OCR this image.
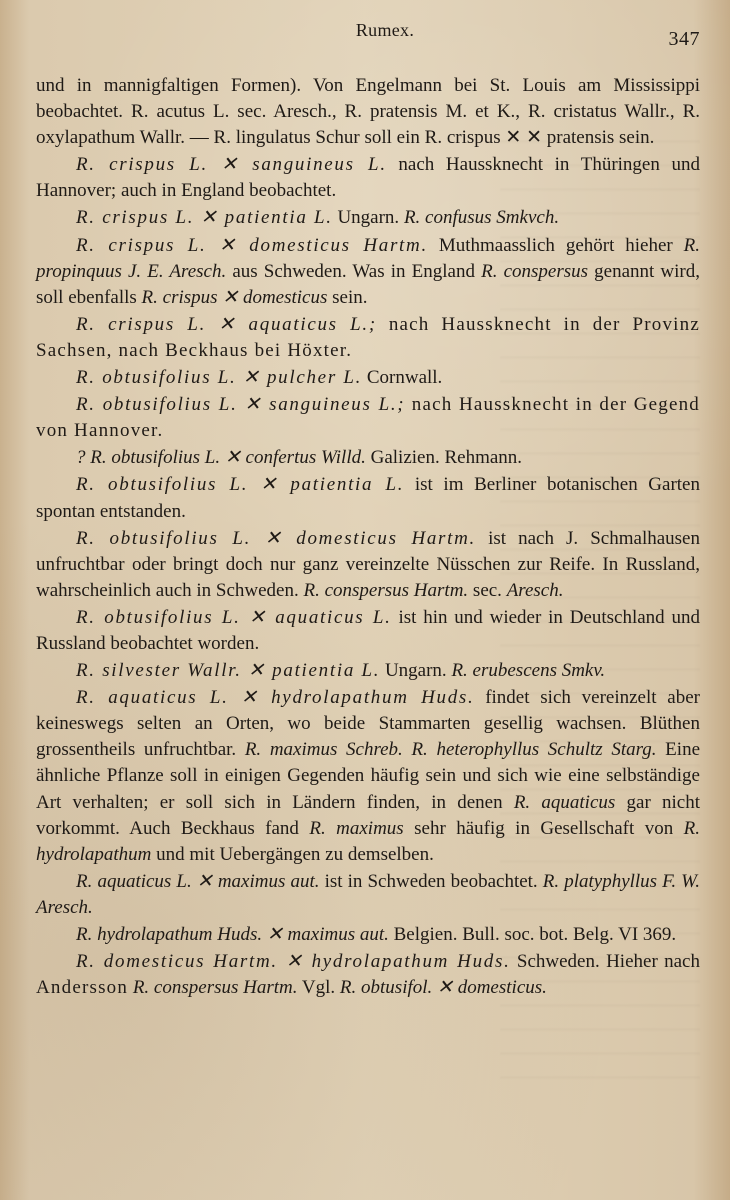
Rumex.	347

und in mannigfaltigen Formen). Von Engelmann bei St. Louis am Mississippi beobachtet. R. acutus L. sec. Aresch., R. pratensis M. et K., R. cristatus Wallr., R. oxylapathum Wallr. — R. lingulatus Schur soll ein R. crispus ✕ ✕ pratensis sein.

R. crispus L. ✕ sanguineus L. nach Haussknecht in Thüringen und Hannover; auch in England beobachtet.

R. crispus L. ✕ patientia L. Ungarn. R. confusus Smkvch.

R. crispus L. ✕ domesticus Hartm. Muthmaasslich gehört hieher R. propinquus J. E. Aresch. aus Schweden. Was in England R. conspersus genannt wird, soll ebenfalls R. crispus ✕ domesticus sein.

R. crispus L. ✕ aquaticus L.; nach Haussknecht in der Provinz Sachsen, nach Beckhaus bei Höxter.

R. obtusifolius L. ✕ pulcher L. Cornwall.

R. obtusifolius L. ✕ sanguineus L.; nach Haussknecht in der Gegend von Hannover.

? R. obtusifolius L. ✕ confertus Willd. Galizien. Rehmann.

R. obtusifolius L. ✕ patientia L. ist im Berliner botanischen Garten spontan entstanden.

R. obtusifolius L. ✕ domesticus Hartm. ist nach J. Schmalhausen unfruchtbar oder bringt doch nur ganz vereinzelte Nüsschen zur Reife. In Russland, wahrscheinlich auch in Schweden. R. conspersus Hartm. sec. Aresch.

R. obtusifolius L. ✕ aquaticus L. ist hin und wieder in Deutschland und Russland beobachtet worden.

R. silvester Wallr. ✕ patientia L. Ungarn. R. erubescens Smkv.

R. aquaticus L. ✕ hydrolapathum Huds. findet sich vereinzelt aber keineswegs selten an Orten, wo beide Stammarten gesellig wachsen. Blüthen grossentheils unfruchtbar. R. maximus Schreb. R. heterophyllus Schultz Starg. Eine ähnliche Pflanze soll in einigen Gegenden häufig sein und sich wie eine selbständige Art verhalten; er soll sich in Ländern finden, in denen R. aquaticus gar nicht vorkommt. Auch Beckhaus fand R. maximus sehr häufig in Gesellschaft von R. hydrolapathum und mit Uebergängen zu demselben.

R. aquaticus L. ✕ maximus aut. ist in Schweden beobachtet. R. platyphyllus F. W. Aresch.

R. hydrolapathum Huds. ✕ maximus aut. Belgien. Bull. soc. bot. Belg. VI 369.

R. domesticus Hartm. ✕ hydrolapathum Huds. Schweden. Hieher nach Andersson R. conspersus Hartm. Vgl. R. obtusifol. ✕ domesticus.
